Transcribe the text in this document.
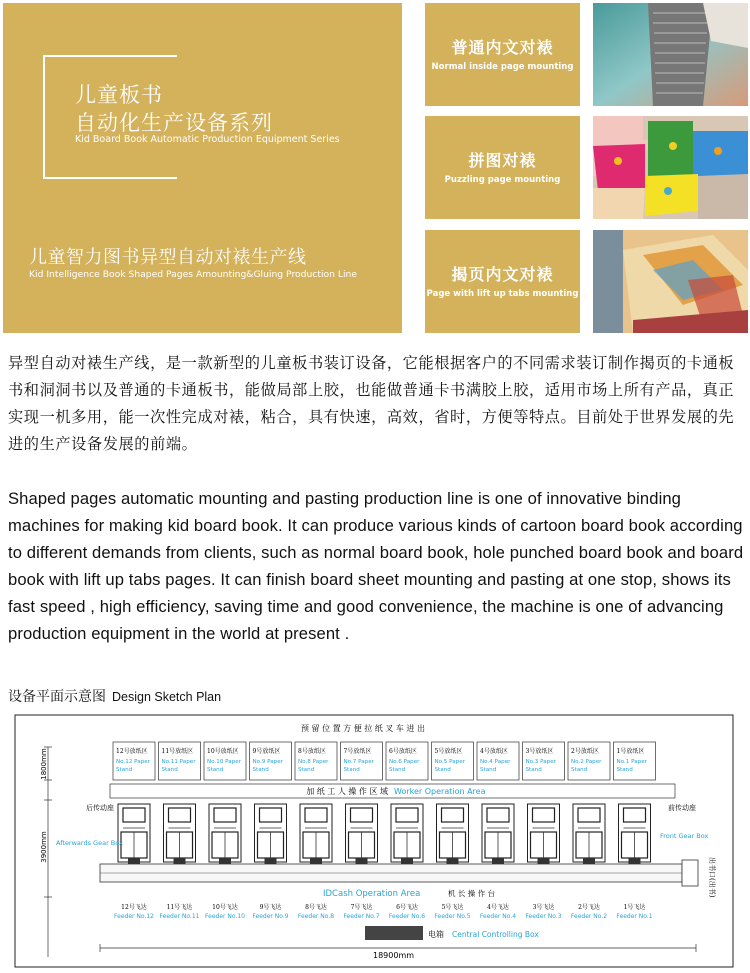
儿童板书
自动化生产设备系列
Kid Board Book Automatic Production Equipment Series
儿童智力图书异型自动对裱生产线
Kid Intelligence Book Shaped Pages Amounting&Gluing Production Line
普通内文对裱
Normal inside page mounting
拼图对裱
Puzzling page mounting
揭页内文对裱
Page with lift up tabs mounting

异型自动对裱生产线，是一款新型的儿童板书装订设备，它能根据客户的不同需求装订制作揭页的卡通板书和洞洞书以及普通的卡通板书，能做局部上胶，也能做普通卡书满胶上胶，适用市场上所有产品，真正实现一机多用，能一次性完成对裱，粘合，具有快速，高效，省时，方便等特点。目前处于世界发展的先进的生产设备发展的前端。

Shaped pages automatic mounting and pasting production line is one of innovative binding machines for making kid board book. It can produce various kinds of cartoon board book according to different demands from clients, such as normal board book, hole punched board book and board book with lift up tabs pages. It can finish board sheet mounting and pasting at one stop, shows its fast speed , high efficiency, saving time and good convenience, the machine is one of advancing production equipment in the world at present .

设备平面示意图 Design Sketch Plan
预 留 位 置 方 便 拉 纸 叉 车 进 出
1800mm
3900mm
12号放纸区
No.12 Paper
Stand
11号放纸区
No.11 Paper
Stand
10号放纸区
No.10 Paper
Stand
9号放纸区
No.9 Paper
Stand
8号放纸区
No.8 Paper
Stand
7号放纸区
No.7 Paper
Stand
6号放纸区
No.6 Paper
Stand
5号放纸区
No.5 Paper
Stand
4号放纸区
No.4 Paper
Stand
3号放纸区
No.3 Paper
Stand
2号放纸区
No.2 Paper
Stand
1号放纸区
No.1 Paper
Stand
12号飞达
Feeder No.12
11号飞达
Feeder No.11
10号飞达
Feeder No.10
9号飞达
Feeder No.9
8号飞达
Feeder No.8
7号飞达
Feeder No.7
6号飞达
Feeder No.6
5号飞达
Feeder No.5
4号飞达
Feeder No.4
3号飞达
Feeder No.3
2号飞达
Feeder No.2
1号飞达
Feeder No.1
加 纸 工 人 操 作 区 域 Worker Operation Area
后传动座
Afterwards Gear Box
前传动座
Front Gear Box
出书口(出书)
IDCash Operation Area	机 长 操 作 台
电箱 Central Controlling Box
18900mm
